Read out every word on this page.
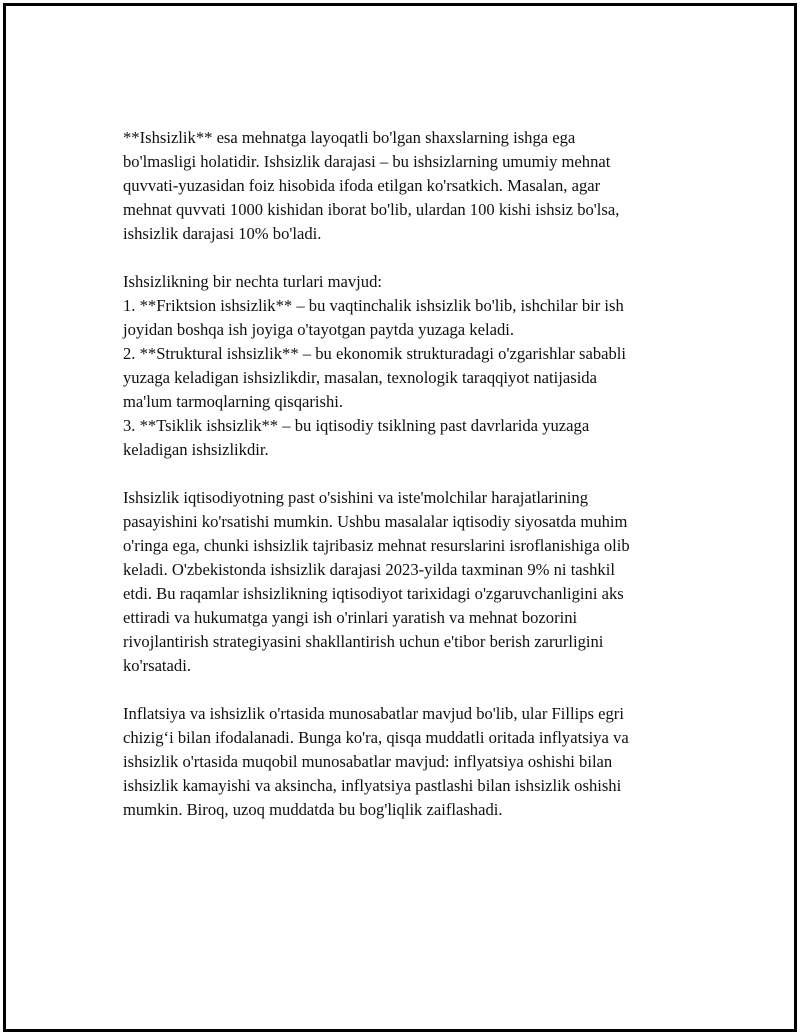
**Ishsizlik** esa mehnatga layoqatli bo'lgan shaxslarning ishga ega
bo'lmasligi holatidir. Ishsizlik darajasi – bu ishsizlarning umumiy mehnat
quvvati-yuzasidan foiz hisobida ifoda etilgan ko'rsatkich. Masalan, agar
mehnat quvvati 1000 kishidan iborat bo'lib, ulardan 100 kishi ishsiz bo'lsa,
ishsizlik darajasi 10% bo'ladi.

Ishsizlikning bir nechta turlari mavjud:
1. **Friktsion ishsizlik** – bu vaqtinchalik ishsizlik bo'lib, ishchilar bir ish
joyidan boshqa ish joyiga o'tayotgan paytda yuzaga keladi.
2. **Struktural ishsizlik** – bu ekonomik strukturadagi o'zgarishlar sababli
yuzaga keladigan ishsizlikdir, masalan, texnologik taraqqiyot natijasida
ma'lum tarmoqlarning qisqarishi.
3. **Tsiklik ishsizlik** – bu iqtisodiy tsiklning past davrlarida yuzaga
keladigan ishsizlikdir.

Ishsizlik iqtisodiyotning past o'sishini va iste'molchilar harajatlarining
pasayishini ko'rsatishi mumkin. Ushbu masalalar iqtisodiy siyosatda muhim
o'ringa ega, chunki ishsizlik tajribasiz mehnat resurslarini isroflanishiga olib
keladi. O'zbekistonda ishsizlik darajasi 2023-yilda taxminan 9% ni tashkil
etdi. Bu raqamlar ishsizlikning iqtisodiyot tarixidagi o'zgaruvchanligini aks
ettiradi va hukumatga yangi ish o'rinlari yaratish va mehnat bozorini
rivojlantirish strategiyasini shakllantirish uchun e'tibor berish zarurligini
ko'rsatadi.

Inflatsiya va ishsizlik o'rtasida munosabatlar mavjud bo'lib, ular Fillips egri
chizig‘i bilan ifodalanadi. Bunga ko'ra, qisqa muddatli oritada inflyatsiya va
ishsizlik o'rtasida muqobil munosabatlar mavjud: inflyatsiya oshishi bilan
ishsizlik kamayishi va aksincha, inflyatsiya pastlashi bilan ishsizlik oshishi
mumkin. Biroq, uzoq muddatda bu bog'liqlik zaiflashadi.
